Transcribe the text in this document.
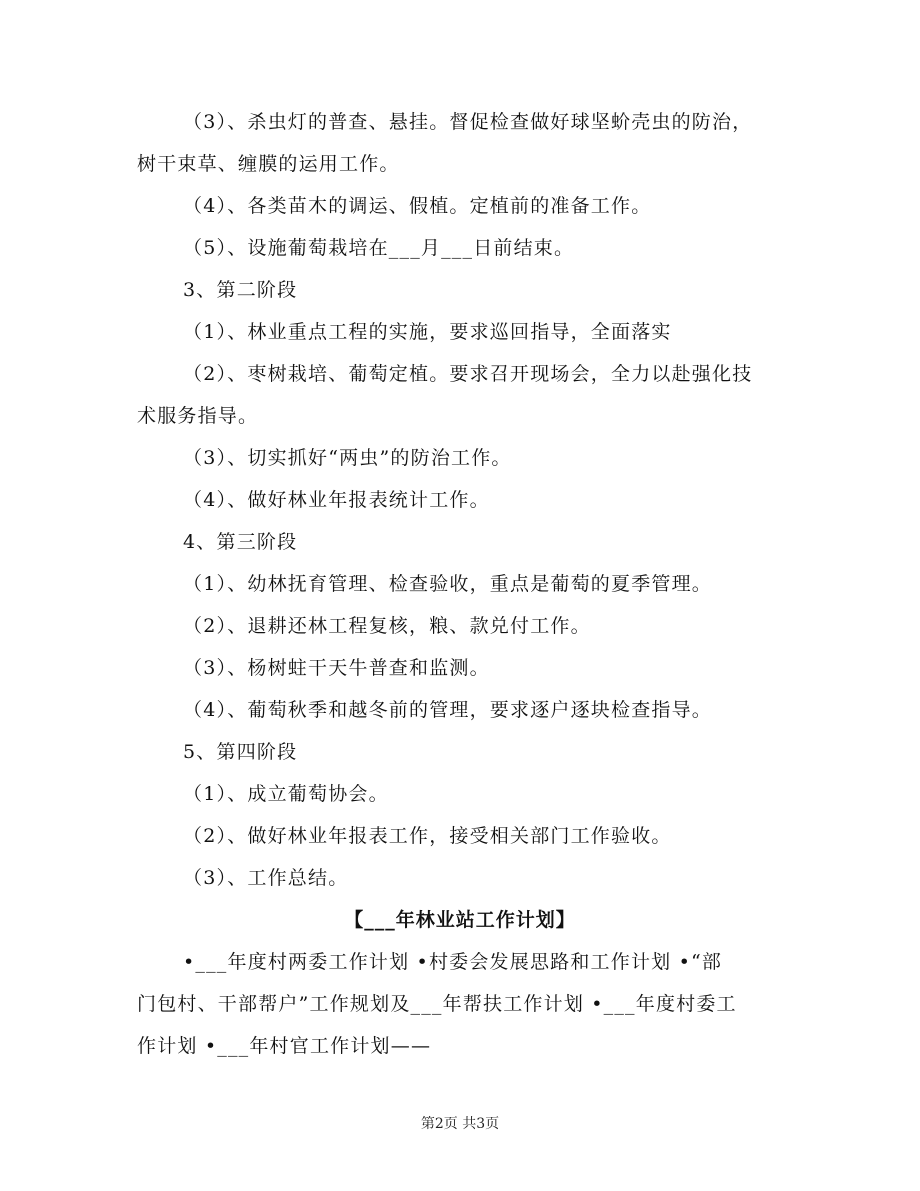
（3）、杀虫灯的普查、悬挂。督促检查做好球坚蚧壳虫的防治，
树干束草、缠膜的运用工作。
（4）、各类苗木的调运、假植。定植前的准备工作。
（5）、设施葡萄栽培在___月___日前结束。
3、第二阶段
（1）、林业重点工程的实施，要求巡回指导，全面落实
（2）、枣树栽培、葡萄定植。要求召开现场会，全力以赴强化技
术服务指导。
（3）、切实抓好“两虫”的防治工作。
（4）、做好林业年报表统计工作。
4、第三阶段
（1）、幼林抚育管理、检查验收，重点是葡萄的夏季管理。
（2）、退耕还林工程复核，粮、款兑付工作。
（3）、杨树蛀干天牛普查和监测。
（4）、葡萄秋季和越冬前的管理，要求逐户逐块检查指导。
5、第四阶段
（1）、成立葡萄协会。
（2）、做好林业年报表工作，接受相关部门工作验收。
（3）、工作总结。
【___年林业站工作计划】
•___年度村两委工作计划 •村委会发展思路和工作计划 •“部
门包村、干部帮户”工作规划及___年帮扶工作计划 •___年度村委工
作计划 •___年村官工作计划——
第2页 共3页
